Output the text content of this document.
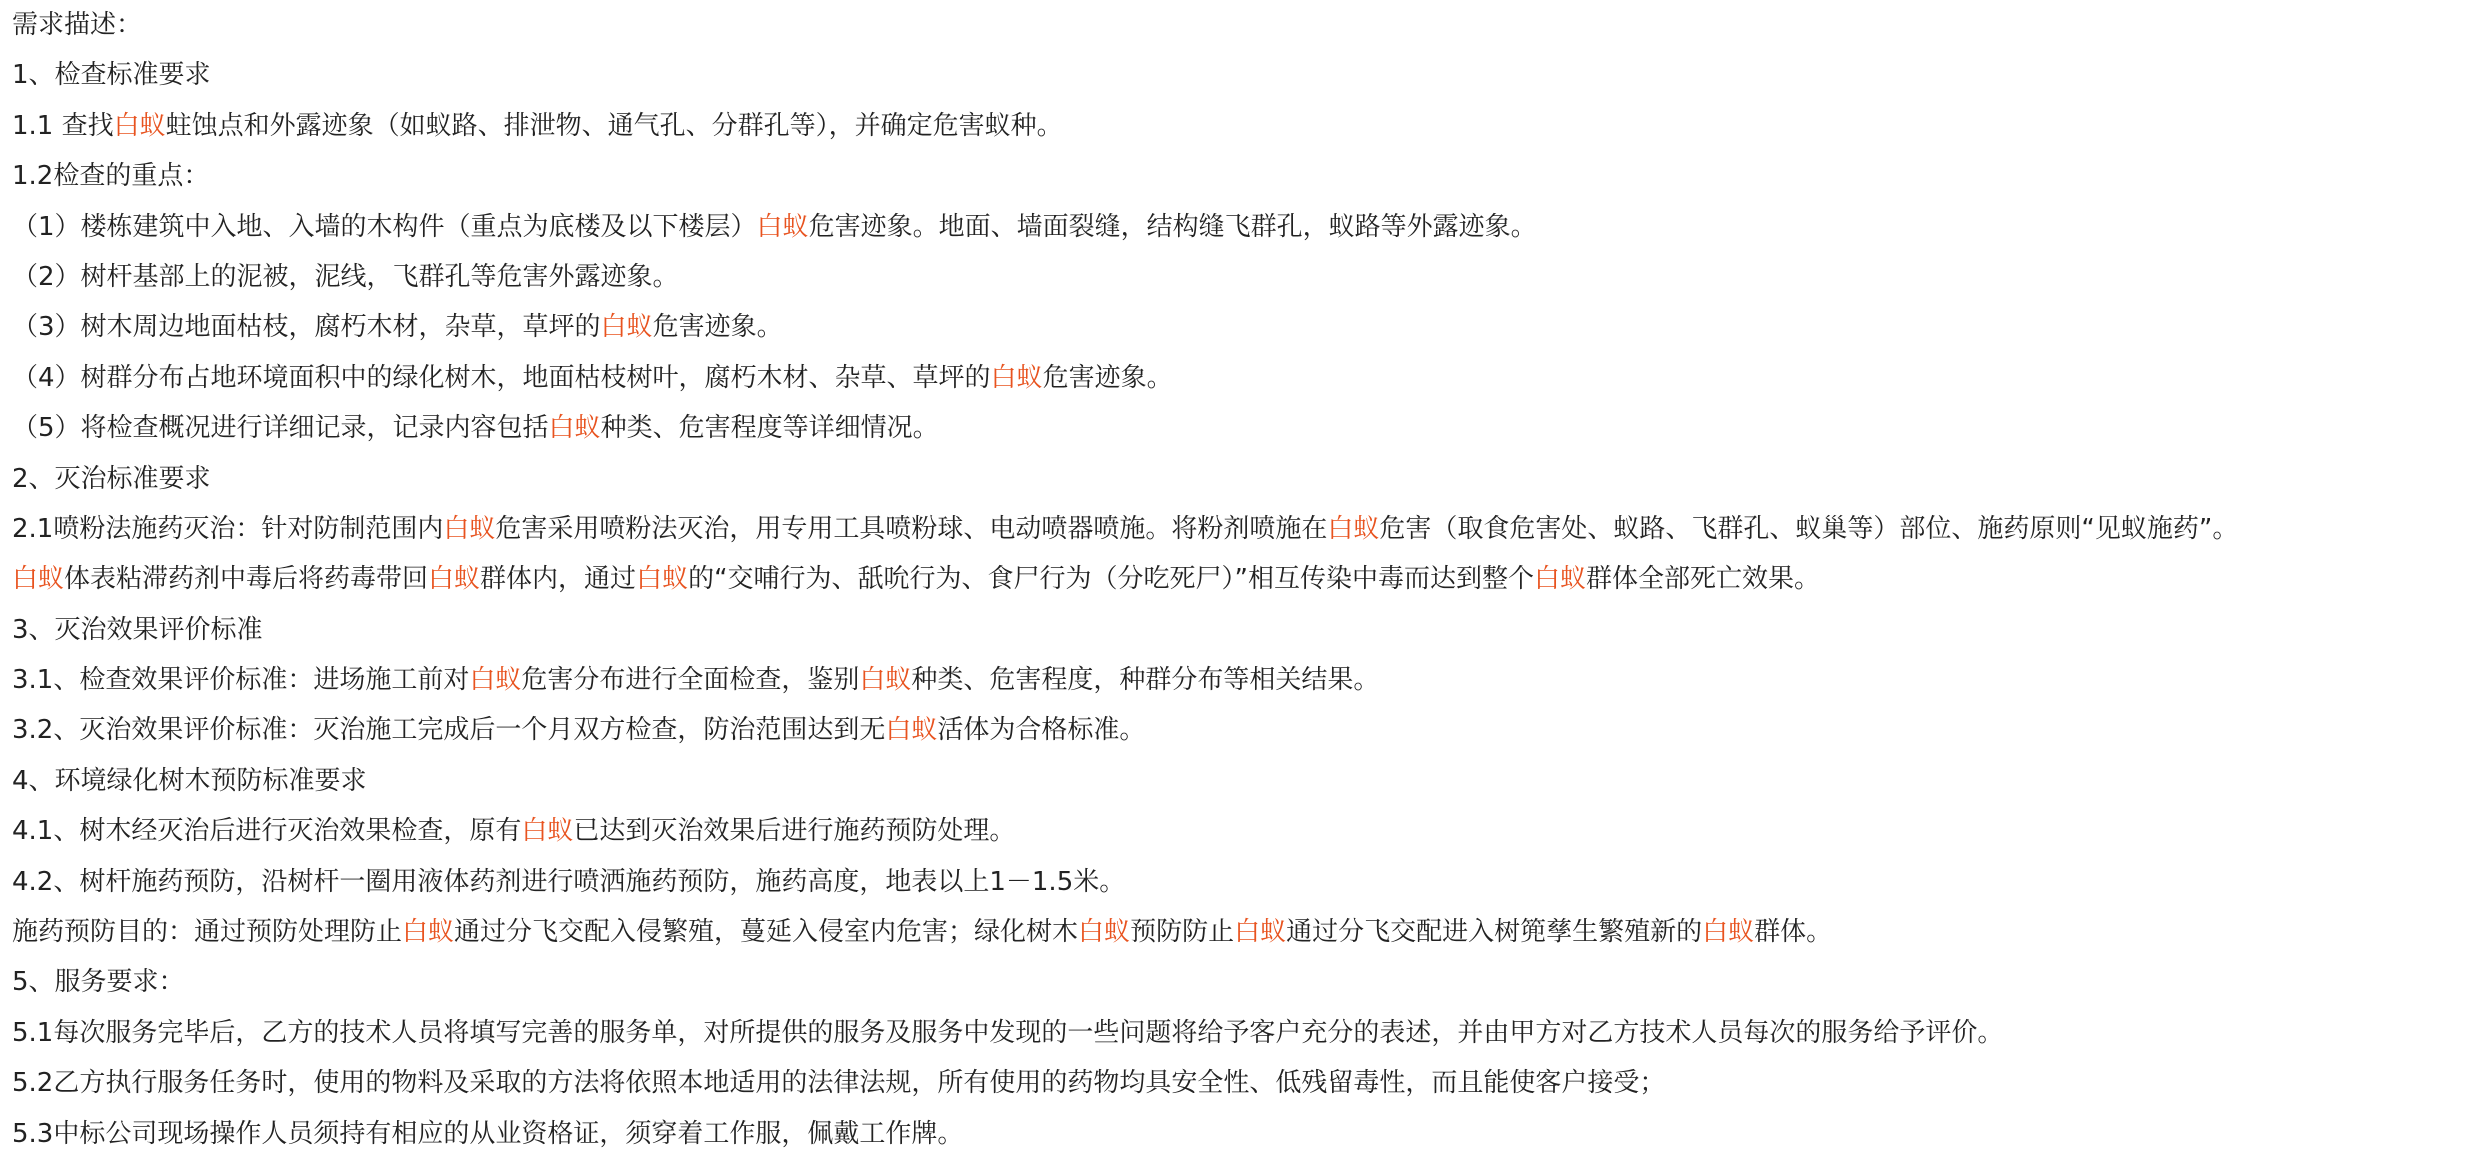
需求描述：
1、检查标准要求
1.1 查找白蚁蛀蚀点和外露迹象（如蚁路、排泄物、通气孔、分群孔等），并确定危害蚁种。
1.2检查的重点：
（1）楼栋建筑中入地、入墙的木构件（重点为底楼及以下楼层）白蚁危害迹象。地面、墙面裂缝，结构缝飞群孔，蚁路等外露迹象。
（2）树杆基部上的泥被，泥线，飞群孔等危害外露迹象。
（3）树木周边地面枯枝，腐朽木材，杂草，草坪的白蚁危害迹象。
（4）树群分布占地环境面积中的绿化树木，地面枯枝树叶，腐朽木材、杂草、草坪的白蚁危害迹象。
（5）将检查概况进行详细记录，记录内容包括白蚁种类、危害程度等详细情况。
2、灭治标准要求
2.1喷粉法施药灭治：针对防制范围内白蚁危害采用喷粉法灭治，用专用工具喷粉球、电动喷器喷施。将粉剂喷施在白蚁危害（取食危害处、蚁路、飞群孔、蚁巢等）部位、施药原则“见蚁施药”。
白蚁体表粘滞药剂中毒后将药毒带回白蚁群体内，通过白蚁的“交哺行为、舐吮行为、食尸行为（分吃死尸）”相互传染中毒而达到整个白蚁群体全部死亡效果。
3、灭治效果评价标准
3.1、检查效果评价标准：进场施工前对白蚁危害分布进行全面检查，鉴别白蚁种类、危害程度，种群分布等相关结果。
3.2、灭治效果评价标准：灭治施工完成后一个月双方检查，防治范围达到无白蚁活体为合格标准。
4、环境绿化树木预防标准要求
4.1、树木经灭治后进行灭治效果检查，原有白蚁已达到灭治效果后进行施药预防处理。
4.2、树杆施药预防，沿树杆一圈用液体药剂进行喷洒施药预防，施药高度，地表以上1－1.5米。
施药预防目的：通过预防处理防止白蚁通过分飞交配入侵繁殖，蔓延入侵室内危害；绿化树木白蚁预防防止白蚁通过分飞交配进入树篼孳生繁殖新的白蚁群体。
5、服务要求：
5.1每次服务完毕后，乙方的技术人员将填写完善的服务单，对所提供的服务及服务中发现的一些问题将给予客户充分的表述，并由甲方对乙方技术人员每次的服务给予评价。
5.2乙方执行服务任务时，使用的物料及采取的方法将依照本地适用的法律法规，所有使用的药物均具安全性、低残留毒性，而且能使客户接受；
5.3中标公司现场操作人员须持有相应的从业资格证，须穿着工作服，佩戴工作牌。
